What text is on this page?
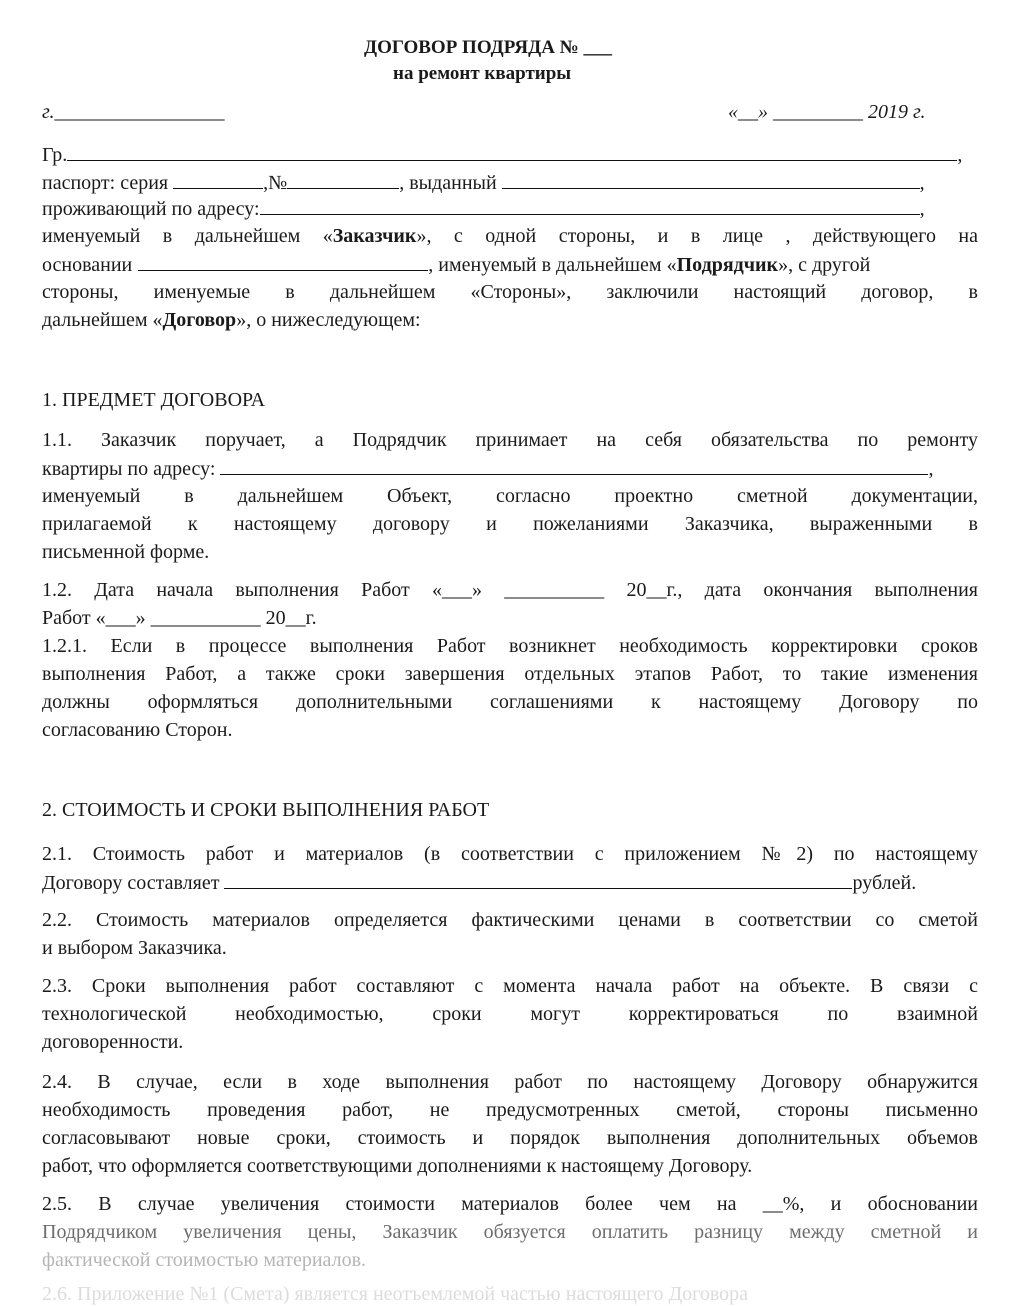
ДОГОВОР ПОДРЯДА № ___
на ремонт квартиры
г._________________	«__» _________ 2019 г.
Гр.	,
паспорт: серия	,№	, выданный	,
проживающий по адресу:	,
именуемый в дальнейшем «Заказчик», с одной стороны, и в лице , действующего на
основании	, именуемый в дальнейшем «Подрядчик», с другой
стороны, именуемые в дальнейшем «Стороны», заключили настоящий договор, в
дальнейшем «Договор», о нижеследующем:
1. ПРЕДМЕТ ДОГОВОРА
1.1. Заказчик поручает, а Подрядчик принимает на себя обязательства по ремонту
квартиры по адресу:	,
именуемый в дальнейшем Объект, согласно проектно сметной документации,
прилагаемой к настоящему договору и пожеланиями Заказчика, выраженными в
письменной форме.
1.2. Дата начала выполнения Работ «___» __________ 20__г., дата окончания выполнения
Работ «___» ___________ 20__г.
1.2.1. Если в процессе выполнения Работ возникнет необходимость корректировки сроков
выполнения Работ, а также сроки завершения отдельных этапов Работ, то такие изменения
должны оформляться дополнительными соглашениями к настоящему Договору по
согласованию Сторон.
2. СТОИМОСТЬ И СРОКИ ВЫПОЛНЕНИЯ РАБОТ
2.1. Стоимость работ и материалов (в соответствии с приложением №2) по настоящему
Договору составляет	рублей.
2.2. Стоимость материалов определяется фактическими ценами в соответствии со сметой
и выбором Заказчика.
2.3. Сроки выполнения работ составляют с момента начала работ на объекте. В связи с
технологической необходимостью, сроки могут корректироваться по взаимной
договоренности.
2.4. В случае, если в ходе выполнения работ по настоящему Договору обнаружится
необходимость проведения работ, не предусмотренных сметой, стороны письменно
согласовывают новые сроки, стоимость и порядок выполнения дополнительных объемов
работ, что оформляется соответствующими дополнениями к настоящему Договору.
2.5. В случае увеличения стоимости материалов более чем на __%, и обосновании
Подрядчиком увеличения цены, Заказчик обязуется оплатить разницу между сметной и
фактической стоимостью материалов.
2.6. Приложение №1 (Смета) является неотъемлемой частью настоящего Договора
